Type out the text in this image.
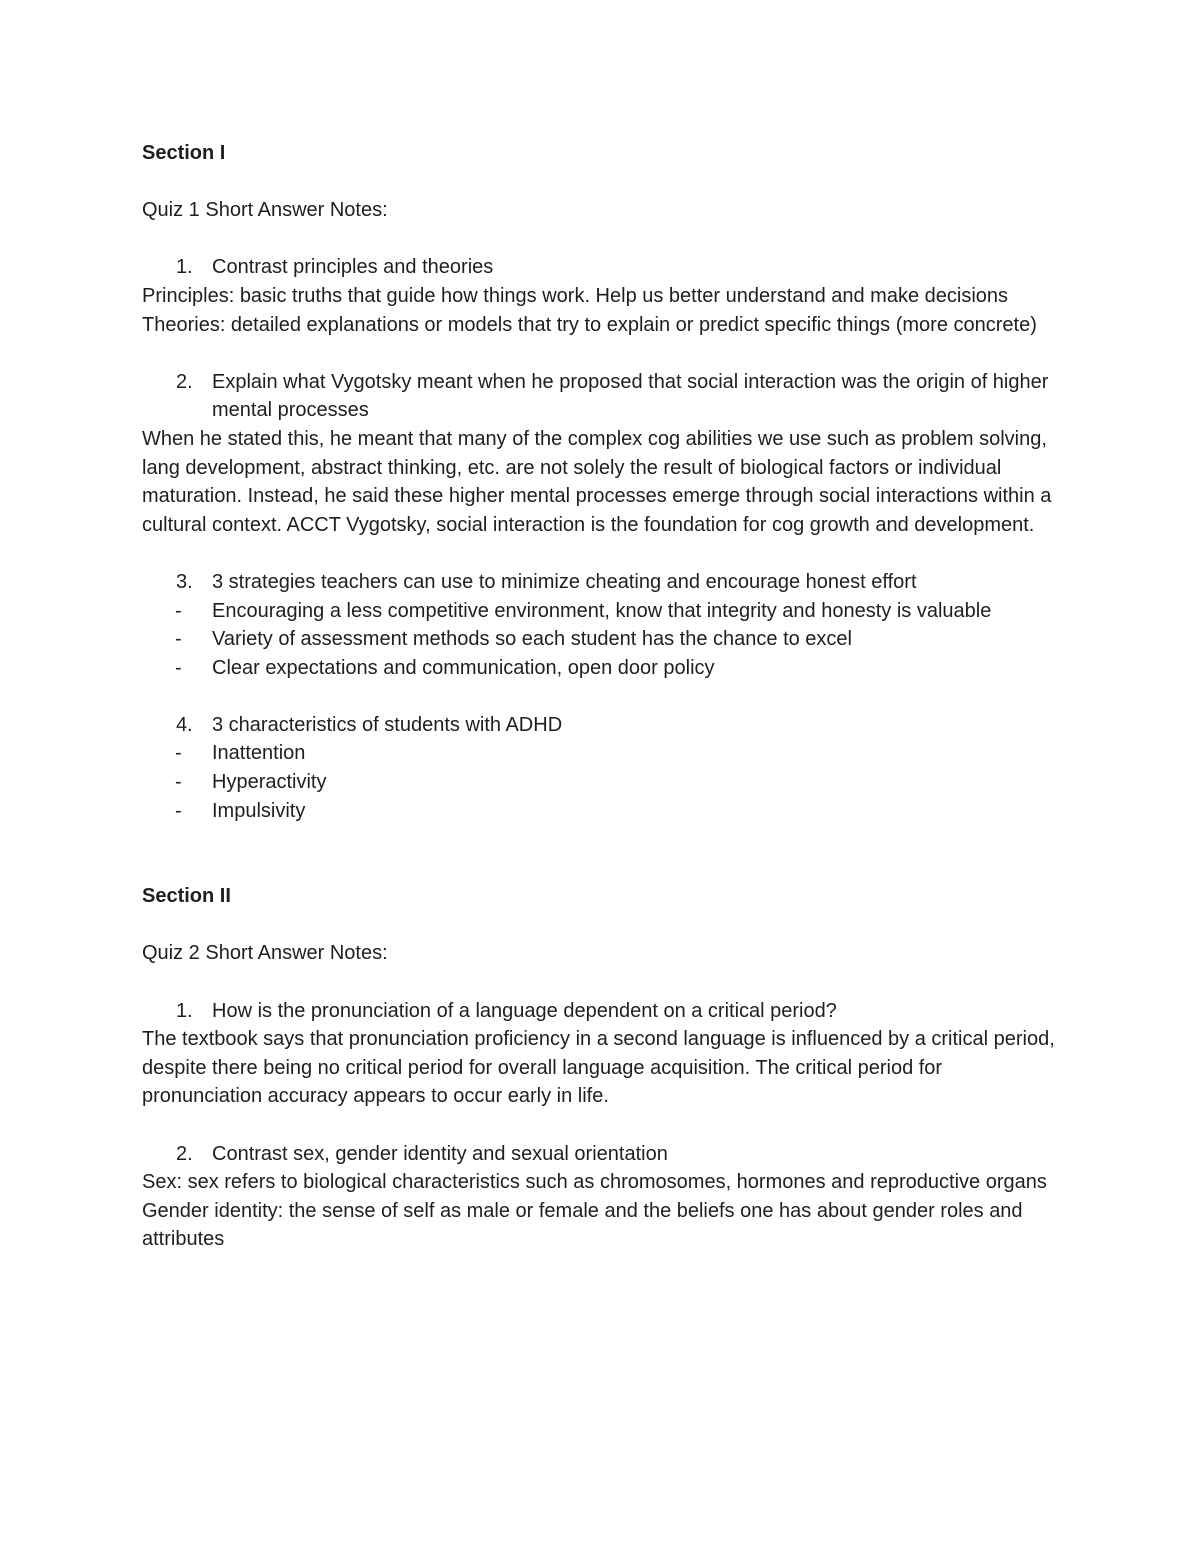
Section I

Quiz 1 Short Answer Notes:

1. Contrast principles and theories

Principles: basic truths that guide how things work. Help us better understand and make decisions

Theories: detailed explanations or models that try to explain or predict specific things (more concrete)

2. Explain what Vygotsky meant when he proposed that social interaction was the origin of higher mental processes

When he stated this, he meant that many of the complex cog abilities we use such as problem solving, lang development, abstract thinking, etc. are not solely the result of biological factors or individual maturation. Instead, he said these higher mental processes emerge through social interactions within a cultural context. ACCT Vygotsky, social interaction is the foundation for cog growth and development.

3. 3 strategies teachers can use to minimize cheating and encourage honest effort
-	Encouraging a less competitive environment, know that integrity and honesty is valuable
-	Variety of assessment methods so each student has the chance to excel
-	Clear expectations and communication, open door policy
4. 3 characteristics of students with ADHD
-	Inattention
-	Hyperactivity
-	Impulsivity

Section II

Quiz 2 Short Answer Notes:

1. How is the pronunciation of a language dependent on a critical period?

The textbook says that pronunciation proficiency in a second language is influenced by a critical period, despite there being no critical period for overall language acquisition. The critical period for pronunciation accuracy appears to occur early in life.

2. Contrast sex, gender identity and sexual orientation

Sex: sex refers to biological characteristics such as chromosomes, hormones and reproductive organs

Gender identity: the sense of self as male or female and the beliefs one has about gender roles and attributes
